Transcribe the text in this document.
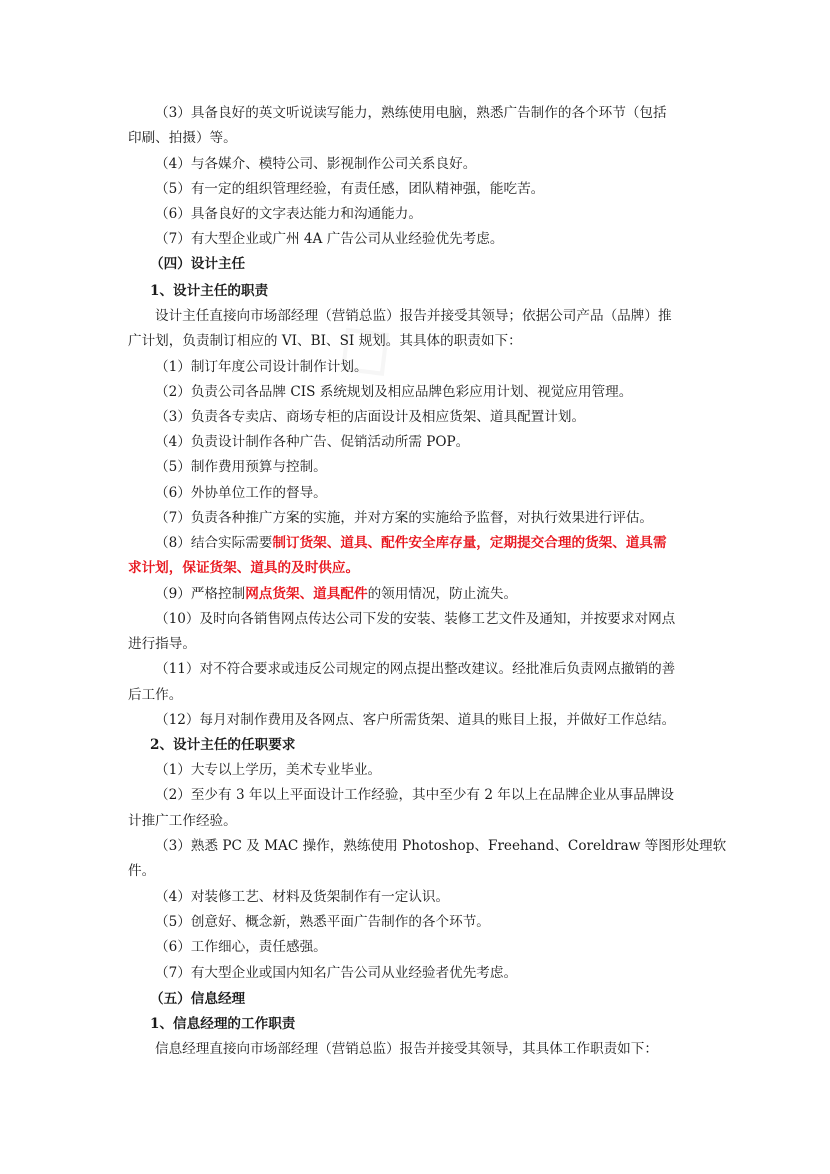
（3）具备良好的英文听说读写能力，熟练使用电脑，熟悉广告制作的各个环节（包括
印刷、拍摄）等。
（4）与各媒介、模特公司、影视制作公司关系良好。
（5）有一定的组织管理经验，有责任感，团队精神强，能吃苦。
（6）具备良好的文字表达能力和沟通能力。
（7）有大型企业或广州 4A 广告公司从业经验优先考虑。
（四）设计主任
1、设计主任的职责
设计主任直接向市场部经理（营销总监）报告并接受其领导；依据公司产品（品牌）推
广计划，负责制订相应的 VI、BI、SI 规划。其具体的职责如下：
（1）制订年度公司设计制作计划。
（2）负责公司各品牌 CIS 系统规划及相应品牌色彩应用计划、视觉应用管理。
（3）负责各专卖店、商场专柜的店面设计及相应货架、道具配置计划。
（4）负责设计制作各种广告、促销活动所需 POP。
（5）制作费用预算与控制。
（6）外协单位工作的督导。
（7）负责各种推广方案的实施，并对方案的实施给予监督，对执行效果进行评估。
（8）结合实际需要制订货架、道具、配件安全库存量，定期提交合理的货架、道具需
求计划，保证货架、道具的及时供应。
（9）严格控制网点货架、道具配件的领用情况，防止流失。
（10）及时向各销售网点传达公司下发的安装、装修工艺文件及通知，并按要求对网点
进行指导。
（11）对不符合要求或违反公司规定的网点提出整改建议。经批准后负责网点撤销的善
后工作。
（12）每月对制作费用及各网点、客户所需货架、道具的账目上报，并做好工作总结。
2、设计主任的任职要求
（1）大专以上学历，美术专业毕业。
（2）至少有 3 年以上平面设计工作经验，其中至少有 2 年以上在品牌企业从事品牌设
计推广工作经验。
（3）熟悉 PC 及 MAC 操作，熟练使用 Photoshop、Freehand、Coreldraw 等图形处理软
件。
（4）对装修工艺、材料及货架制作有一定认识。
（5）创意好、概念新，熟悉平面广告制作的各个环节。
（6）工作细心，责任感强。
（7）有大型企业或国内知名广告公司从业经验者优先考虑。
（五）信息经理
1、信息经理的工作职责
信息经理直接向市场部经理（营销总监）报告并接受其领导，其具体工作职责如下：
